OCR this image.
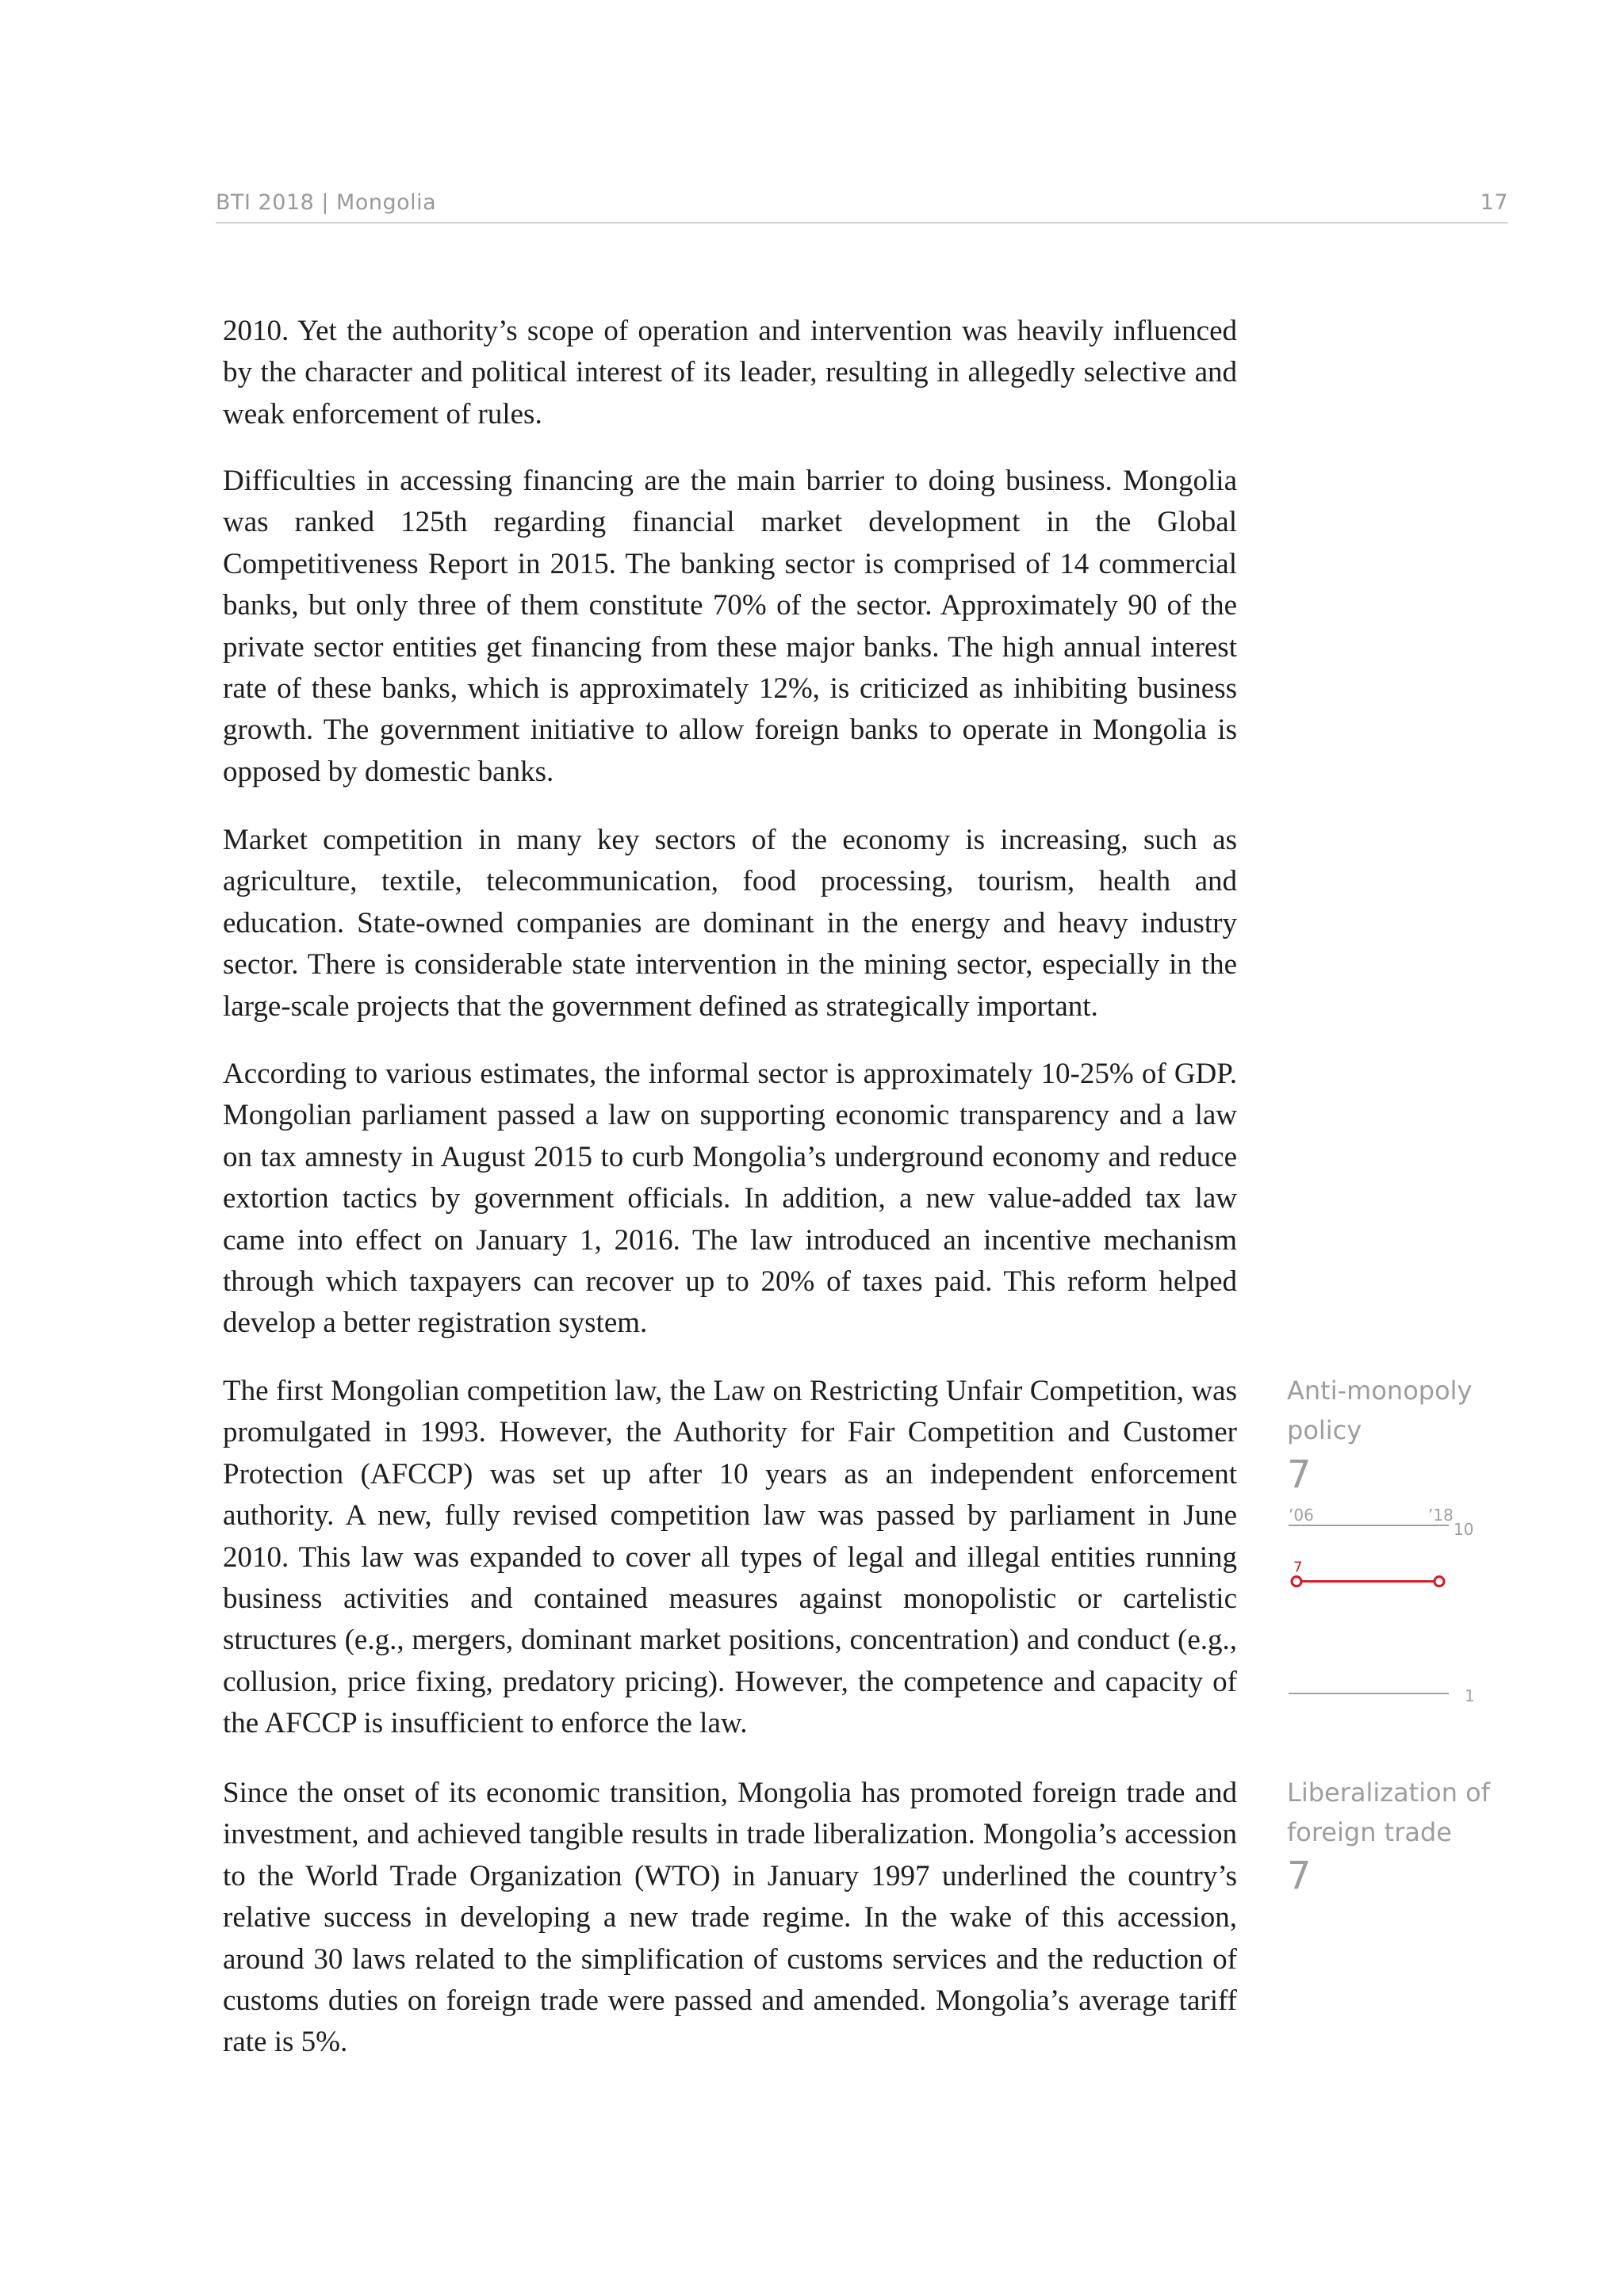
BTI 2018 | Mongolia	17

2010. Yet the authority’s scope of operation and intervention was heavily influenced by the character and political interest of its leader, resulting in allegedly selective and weak enforcement of rules.

Difficulties in accessing financing are the main barrier to doing business. Mongolia was ranked 125th regarding financial market development in the Global Competitiveness Report in 2015. The banking sector is comprised of 14 commercial banks, but only three of them constitute 70% of the sector. Approximately 90 of the private sector entities get financing from these major banks. The high annual interest rate of these banks, which is approximately 12%, is criticized as inhibiting business growth. The government initiative to allow foreign banks to operate in Mongolia is opposed by domestic banks.

Market competition in many key sectors of the economy is increasing, such as agriculture, textile, telecommunication, food processing, tourism, health and education. State-owned companies are dominant in the energy and heavy industry sector. There is considerable state intervention in the mining sector, especially in the large-scale projects that the government defined as strategically important.

According to various estimates, the informal sector is approximately 10-25% of GDP. Mongolian parliament passed a law on supporting economic transparency and a law on tax amnesty in August 2015 to curb Mongolia’s underground economy and reduce extortion tactics by government officials. In addition, a new value-added tax law came into effect on January 1, 2016. The law introduced an incentive mechanism through which taxpayers can recover up to 20% of taxes paid. This reform helped develop a better registration system.

The first Mongolian competition law, the Law on Restricting Unfair Competition, was promulgated in 1993. However, the Authority for Fair Competition and Customer Protection (AFCCP) was set up after 10 years as an independent enforcement authority. A new, fully revised competition law was passed by parliament in June 2010. This law was expanded to cover all types of legal and illegal entities running business activities and contained measures against monopolistic or cartelistic structures (e.g., mergers, dominant market positions, concentration) and conduct (e.g., collusion, price fixing, predatory pricing). However, the competence and capacity of the AFCCP is insufficient to enforce the law.

Since the onset of its economic transition, Mongolia has promoted foreign trade and investment, and achieved tangible results in trade liberalization. Mongolia’s accession to the World Trade Organization (WTO) in January 1997 underlined the country’s relative success in developing a new trade regime. In the wake of this accession, around 30 laws related to the simplification of customs services and the reduction of customs duties on foreign trade were passed and amended. Mongolia’s average tariff rate is 5%.

Anti-monopoly policy
7
’06	’18
10
1
7
Liberalization of foreign trade
7
